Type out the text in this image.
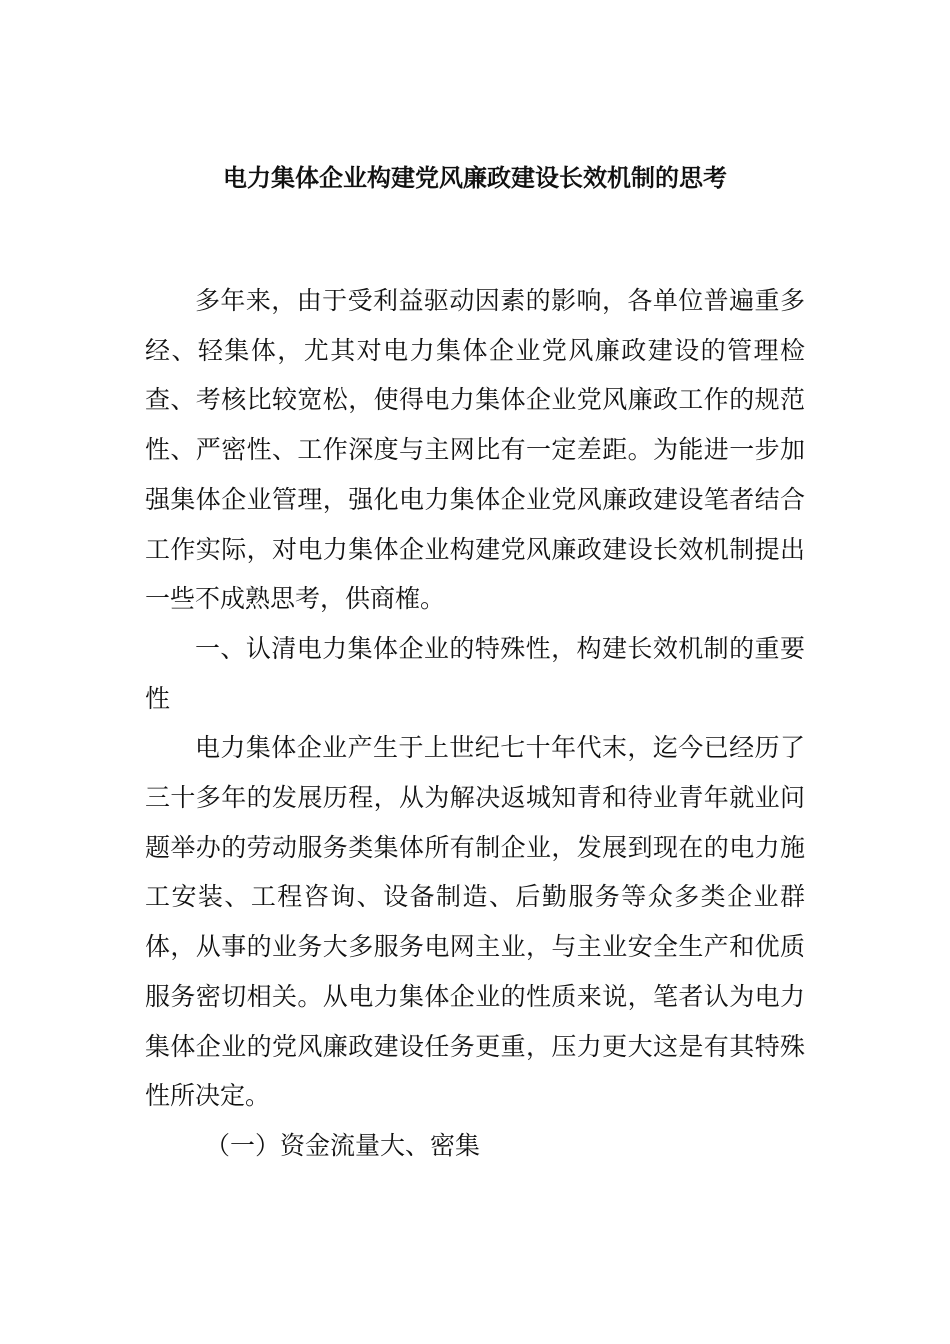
电力集体企业构建党风廉政建设长效机制的思考

多年来，由于受利益驱动因素的影响，各单位普遍重多经、轻集体，尤其对电力集体企业党风廉政建设的管理检查、考核比较宽松，使得电力集体企业党风廉政工作的规范性、严密性、工作深度与主网比有一定差距。为能进一步加强集体企业管理，强化电力集体企业党风廉政建设笔者结合工作实际，对电力集体企业构建党风廉政建设长效机制提出一些不成熟思考，供商榷。

一、认清电力集体企业的特殊性，构建长效机制的重要性

电力集体企业产生于上世纪七十年代末，迄今已经历了三十多年的发展历程，从为解决返城知青和待业青年就业问题举办的劳动服务类集体所有制企业，发展到现在的电力施工安装、工程咨询、设备制造、后勤服务等众多类企业群体，从事的业务大多服务电网主业，与主业安全生产和优质服务密切相关。从电力集体企业的性质来说，笔者认为电力集体企业的党风廉政建设任务更重，压力更大这是有其特殊性所决定。

（一）资金流量大、密集
